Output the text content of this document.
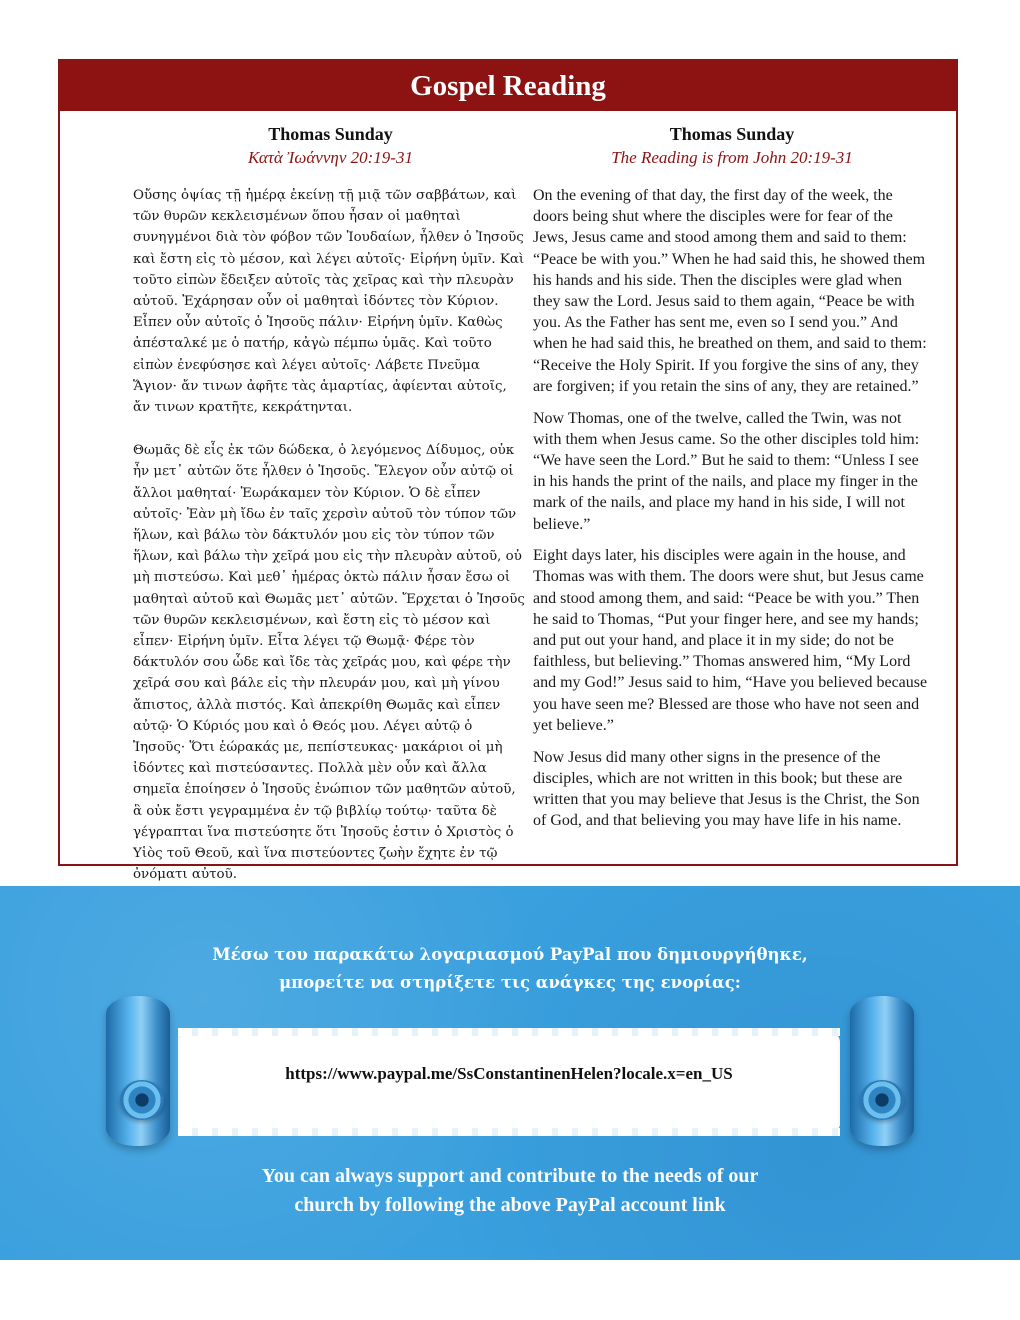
Gospel Reading
Thomas Sunday
Κατὰ Ἰωάννην 20:19-31

Οὔσης ὀψίας τῇ ἡμέρᾳ ἐκείνῃ τῇ μιᾷ τῶν σαββάτων, καὶ τῶν θυρῶν κεκλεισμένων ὅπου ἦσαν οἱ μαθηταὶ συνηγμένοι διὰ τὸν φόβον τῶν Ἰουδαίων, ἦλθεν ὁ Ἰησοῦς καὶ ἔστη εἰς τὸ μέσον, καὶ λέγει αὐτοῖς· Εἰρήνη ὑμῖν. Καὶ τοῦτο εἰπὼν ἔδειξεν αὐτοῖς τὰς χεῖρας καὶ τὴν πλευρὰν αὐτοῦ. Ἐχάρησαν οὖν οἱ μαθηταὶ ἰδόντες τὸν Κύριον. Εἶπεν οὖν αὐτοῖς ὁ Ἰησοῦς πάλιν· Εἰρήνη ὑμῖν. Καθὼς ἀπέσταλκέ με ὁ πατήρ, κἀγὼ πέμπω ὑμᾶς. Καὶ τοῦτο εἰπὼν ἐνεφύσησε καὶ λέγει αὐτοῖς· Λάβετε Πνεῦμα Ἅγιον· ἄν τινων ἀφῆτε τὰς ἁμαρτίας, ἀφίενται αὐτοῖς, ἄν τινων κρατῆτε, κεκράτηνται.

Θωμᾶς δὲ εἷς ἐκ τῶν δώδεκα, ὁ λεγόμενος Δίδυμος, οὐκ ἦν μετ᾿ αὐτῶν ὅτε ἦλθεν ὁ Ἰησοῦς. Ἔλεγον οὖν αὐτῷ οἱ ἄλλοι μαθηταί· Ἑωράκαμεν τὸν Κύριον. Ὁ δὲ εἶπεν αὐτοῖς· Ἐὰν μὴ ἴδω ἐν ταῖς χερσὶν αὐτοῦ τὸν τύπον τῶν ἥλων, καὶ βάλω τὸν δάκτυλόν μου εἰς τὸν τύπον τῶν ἥλων, καὶ βάλω τὴν χεῖρά μου εἰς τὴν πλευρὰν αὐτοῦ, οὐ μὴ πιστεύσω. Καὶ μεθ᾿ ἡμέρας ὀκτὼ πάλιν ἦσαν ἔσω οἱ μαθηταὶ αὐτοῦ καὶ Θωμᾶς μετ᾿ αὐτῶν. Ἔρχεται ὁ Ἰησοῦς τῶν θυρῶν κεκλεισμένων, καὶ ἔστη εἰς τὸ μέσον καὶ εἶπεν· Εἰρήνη ὑμῖν. Εἶτα λέγει τῷ Θωμᾷ· Φέρε τὸν δάκτυλόν σου ὧδε καὶ ἴδε τὰς χεῖράς μου, καὶ φέρε τὴν χεῖρά σου καὶ βάλε εἰς τὴν πλευράν μου, καὶ μὴ γίνου ἄπιστος, ἀλλὰ πιστός. Καὶ ἀπεκρίθη Θωμᾶς καὶ εἶπεν αὐτῷ· Ὁ Κύριός μου καὶ ὁ Θεός μου. Λέγει αὐτῷ ὁ Ἰησοῦς· Ὅτι ἑώρακάς με, πεπίστευκας· μακάριοι οἱ μὴ ἰδόντες καὶ πιστεύσαντες. Πολλὰ μὲν οὖν καὶ ἄλλα σημεῖα ἐποίησεν ὁ Ἰησοῦς ἐνώπιον τῶν μαθητῶν αὐτοῦ, ἃ οὐκ ἔστι γεγραμμένα ἐν τῷ βιβλίῳ τούτῳ· ταῦτα δὲ γέγραπται ἵνα πιστεύσητε ὅτι Ἰησοῦς ἐστιν ὁ Χριστὸς ὁ Υἱὸς τοῦ Θεοῦ, καὶ ἵνα πιστεύοντες ζωὴν ἔχητε ἐν τῷ ὀνόματι αὐτοῦ.

Thomas Sunday
The Reading is from John 20:19-31

On the evening of that day, the first day of the week, the doors being shut where the disciples were for fear of the Jews, Jesus came and stood among them and said to them: “Peace be with you.” When he had said this, he showed them his hands and his side. Then the disciples were glad when they saw the Lord. Jesus said to them again, “Peace be with you. As the Father has sent me, even so I send you.” And when he had said this, he breathed on them, and said to them: “Receive the Holy Spirit. If you forgive the sins of any, they are forgiven; if you retain the sins of any, they are retained.”

Now Thomas, one of the twelve, called the Twin, was not with them when Jesus came. So the other disciples told him: “We have seen the Lord.” But he said to them: “Unless I see in his hands the print of the nails, and place my finger in the mark of the nails, and place my hand in his side, I will not believe.”

Eight days later, his disciples were again in the house, and Thomas was with them. The doors were shut, but Jesus came and stood among them, and said: “Peace be with you.” Then he said to Thomas, “Put your finger here, and see my hands; and put out your hand, and place it in my side; do not be faithless, but believing.” Thomas answered him, “My Lord and my God!” Jesus said to him, “Have you believed because you have seen me? Blessed are those who have not seen and yet believe.”

Now Jesus did many other signs in the presence of the disciples, which are not written in this book; but these are written that you may believe that Jesus is the Christ, the Son of God, and that believing you may have life in his name.

Μέσω του παρακάτω λογαριασμού PayPal που δημιουργήθηκε,
μπορείτε να στηρίξετε τις ανάγκες της ενορίας:
https://www.paypal.me/SsConstantinenHelen?locale.x=en_US
You can always support and contribute to the needs of our
church by following the above PayPal account link
